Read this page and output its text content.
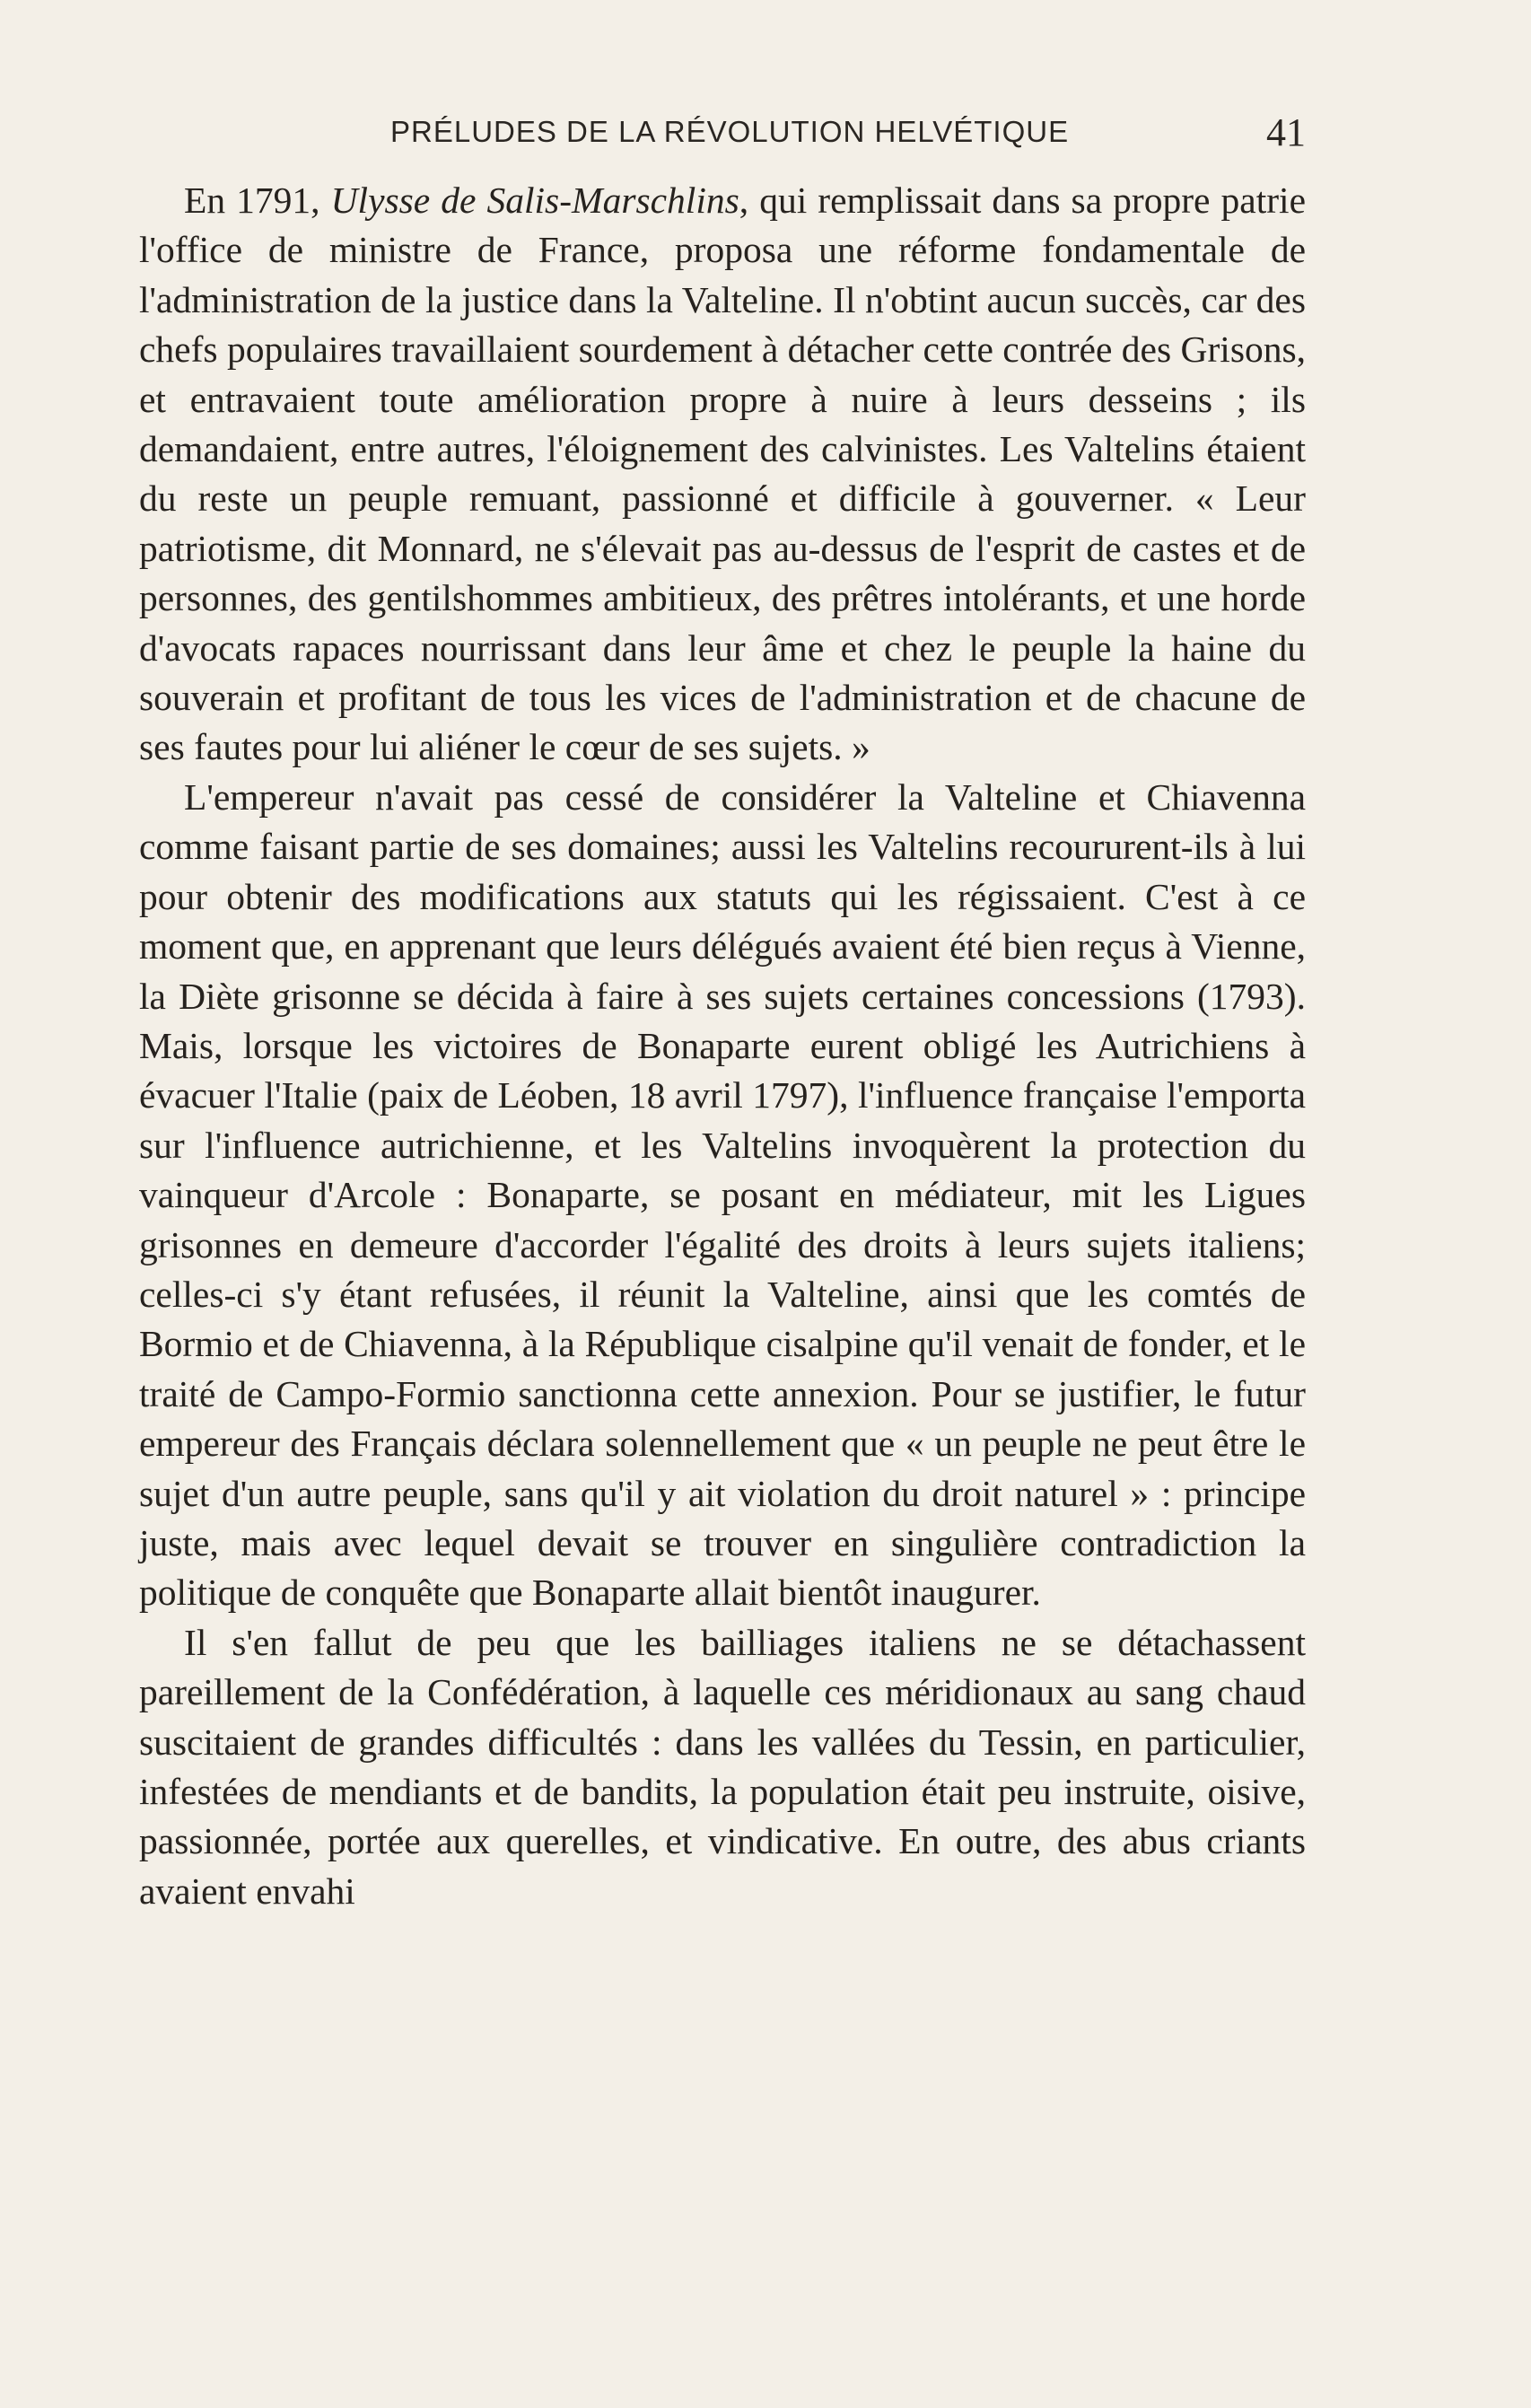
PRÉLUDES DE LA RÉVOLUTION HELVÉTIQUE	41

En 1791, Ulysse de Salis-Marschlins, qui remplissait dans sa propre patrie l'office de ministre de France, proposa une réforme fondamentale de l'administration de la justice dans la Valteline. Il n'obtint aucun succès, car des chefs populaires travaillaient sourdement à détacher cette contrée des Grisons, et entravaient toute amélioration propre à nuire à leurs desseins ; ils demandaient, entre autres, l'éloignement des calvinistes. Les Valtelins étaient du reste un peuple remuant, passionné et difficile à gouverner. « Leur patriotisme, dit Monnard, ne s'élevait pas au-dessus de l'esprit de castes et de personnes, des gentilshommes ambitieux, des prêtres intolérants, et une horde d'avocats rapaces nourrissant dans leur âme et chez le peuple la haine du souverain et profitant de tous les vices de l'administration et de chacune de ses fautes pour lui aliéner le cœur de ses sujets. »

L'empereur n'avait pas cessé de considérer la Valteline et Chiavenna comme faisant partie de ses domaines; aussi les Valtelins recoururent-ils à lui pour obtenir des modifications aux statuts qui les régissaient. C'est à ce moment que, en apprenant que leurs délégués avaient été bien reçus à Vienne, la Diète grisonne se décida à faire à ses sujets certaines concessions (1793). Mais, lorsque les victoires de Bonaparte eurent obligé les Autrichiens à évacuer l'Italie (paix de Léoben, 18 avril 1797), l'influence française l'emporta sur l'influence autrichienne, et les Valtelins invoquèrent la protection du vainqueur d'Arcole : Bonaparte, se posant en médiateur, mit les Ligues grisonnes en demeure d'accorder l'égalité des droits à leurs sujets italiens; celles-ci s'y étant refusées, il réunit la Valteline, ainsi que les comtés de Bormio et de Chiavenna, à la République cisalpine qu'il venait de fonder, et le traité de Campo-Formio sanctionna cette annexion. Pour se justifier, le futur empereur des Français déclara solennellement que « un peuple ne peut être le sujet d'un autre peuple, sans qu'il y ait violation du droit naturel » : principe juste, mais avec lequel devait se trouver en singulière contradiction la politique de conquête que Bonaparte allait bientôt inaugurer.

Il s'en fallut de peu que les bailliages italiens ne se détachassent pareillement de la Confédération, à laquelle ces méridionaux au sang chaud suscitaient de grandes difficultés : dans les vallées du Tessin, en particulier, infestées de mendiants et de bandits, la population était peu instruite, oisive, passionnée, portée aux querelles, et vindicative. En outre, des abus criants avaient envahi
